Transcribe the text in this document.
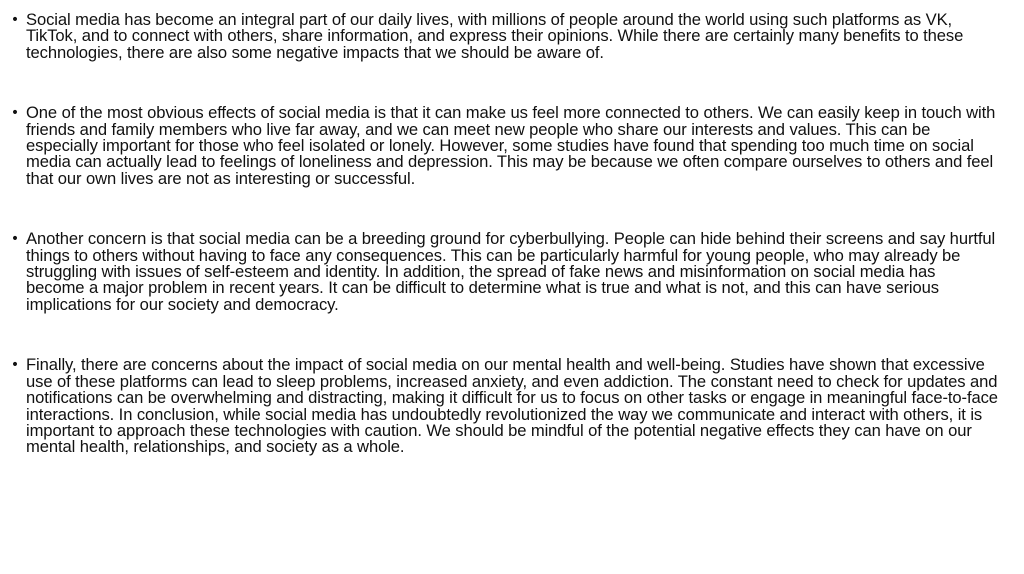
• Social media has become an integral part of our daily lives, with millions of people around the world using such platforms as VK, TikTok, and to connect with others, share information, and express their opinions. While there are certainly many benefits to these technologies, there are also some negative impacts that we should be aware of.
• One of the most obvious effects of social media is that it can make us feel more connected to others. We can easily keep in touch with friends and family members who live far away, and we can meet new people who share our interests and values. This can be especially important for those who feel isolated or lonely. However, some studies have found that spending too much time on social media can actually lead to feelings of loneliness and depression. This may be because we often compare ourselves to others and feel that our own lives are not as interesting or successful.
• Another concern is that social media can be a breeding ground for cyberbullying. People can hide behind their screens and say hurtful things to others without having to face any consequences. This can be particularly harmful for young people, who may already be struggling with issues of self-esteem and identity. In addition, the spread of fake news and misinformation on social media has become a major problem in recent years. It can be difficult to determine what is true and what is not, and this can have serious implications for our society and democracy.
• Finally, there are concerns about the impact of social media on our mental health and well-being. Studies have shown that excessive use of these platforms can lead to sleep problems, increased anxiety, and even addiction. The constant need to check for updates and notifications can be overwhelming and distracting, making it difficult for us to focus on other tasks or engage in meaningful face-to-face interactions. In conclusion, while social media has undoubtedly revolutionized the way we communicate and interact with others, it is important to approach these technologies with caution. We should be mindful of the potential negative effects they can have on our mental health, relationships, and society as a whole.
